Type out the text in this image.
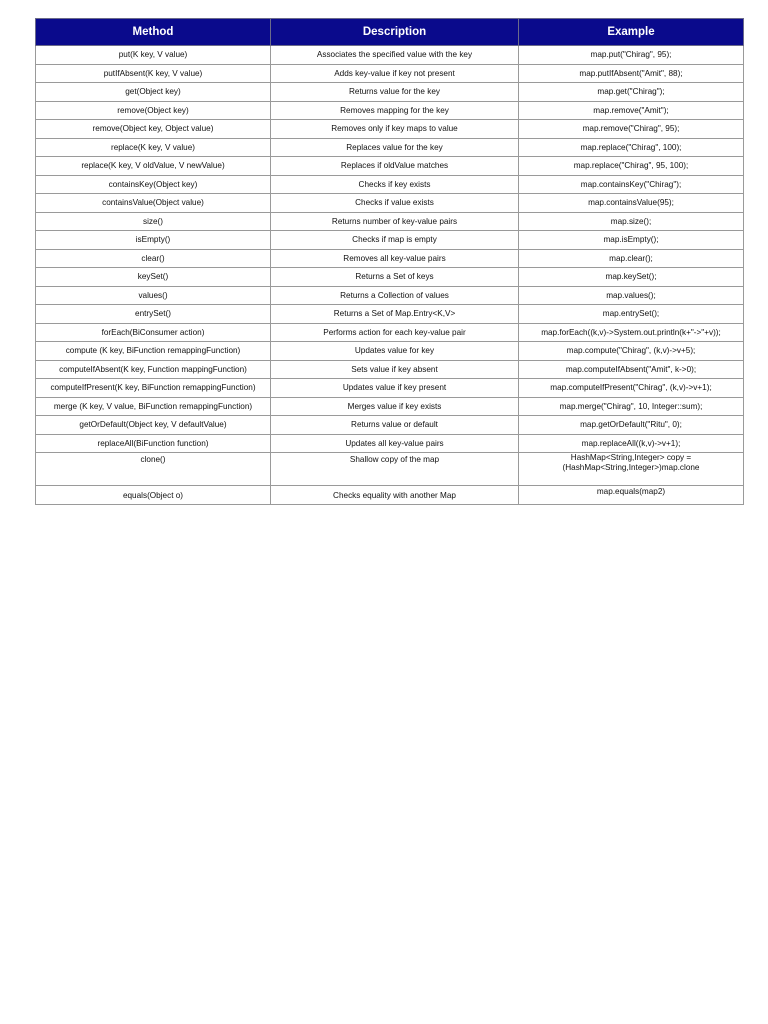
Method	Description	Example
put(K key, V value)	Associates the specified value with the key	map.put("Chirag", 95);
putIfAbsent(K key, V value)	Adds key-value if key not present	map.putIfAbsent("Amit", 88);
get(Object key)	Returns value for the key	map.get("Chirag");
remove(Object key)	Removes mapping for the key	map.remove("Amit");
remove(Object key, Object value)	Removes only if key maps to value	map.remove("Chirag", 95);
replace(K key, V value)	Replaces value for the key	map.replace("Chirag", 100);
replace(K key, V oldValue, V newValue)	Replaces if oldValue matches	map.replace("Chirag", 95, 100);
containsKey(Object key)	Checks if key exists	map.containsKey("Chirag");
containsValue(Object value)	Checks if value exists	map.containsValue(95);
size()	Returns number of key-value pairs	map.size();
isEmpty()	Checks if map is empty	map.isEmpty();
clear()	Removes all key-value pairs	map.clear();
keySet()	Returns a Set of keys	map.keySet();
values()	Returns a Collection of values	map.values();
entrySet()	Returns a Set of Map.Entry<K,V>	map.entrySet();
forEach(BiConsumer action)	Performs action for each key-value pair	map.forEach((k,v)->System.out.println(k+"->"+v));
compute (K key, BiFunction remappingFunction)	Updates value for key	map.compute("Chirag", (k,v)->v+5);
computeIfAbsent(K key, Function mappingFunction)	Sets value if key absent	map.computeIfAbsent("Amit", k->0);
computeIfPresent(K key, BiFunction remappingFunction)	Updates value if key present	map.computeIfPresent("Chirag", (k,v)->v+1);
merge (K key, V value, BiFunction remappingFunction)	Merges value if key exists	map.merge("Chirag", 10, Integer::sum);
getOrDefault(Object key, V defaultValue)	Returns value or default	map.getOrDefault("Ritu", 0);
replaceAll(BiFunction function)	Updates all key-value pairs	map.replaceAll((k,v)->v+1);
clone()	Shallow copy of the map	HashMap<String,Integer> copy = (HashMap<String,Integer>)map.clone
equals(Object o)	Checks equality with another Map	map.equals(map2)
